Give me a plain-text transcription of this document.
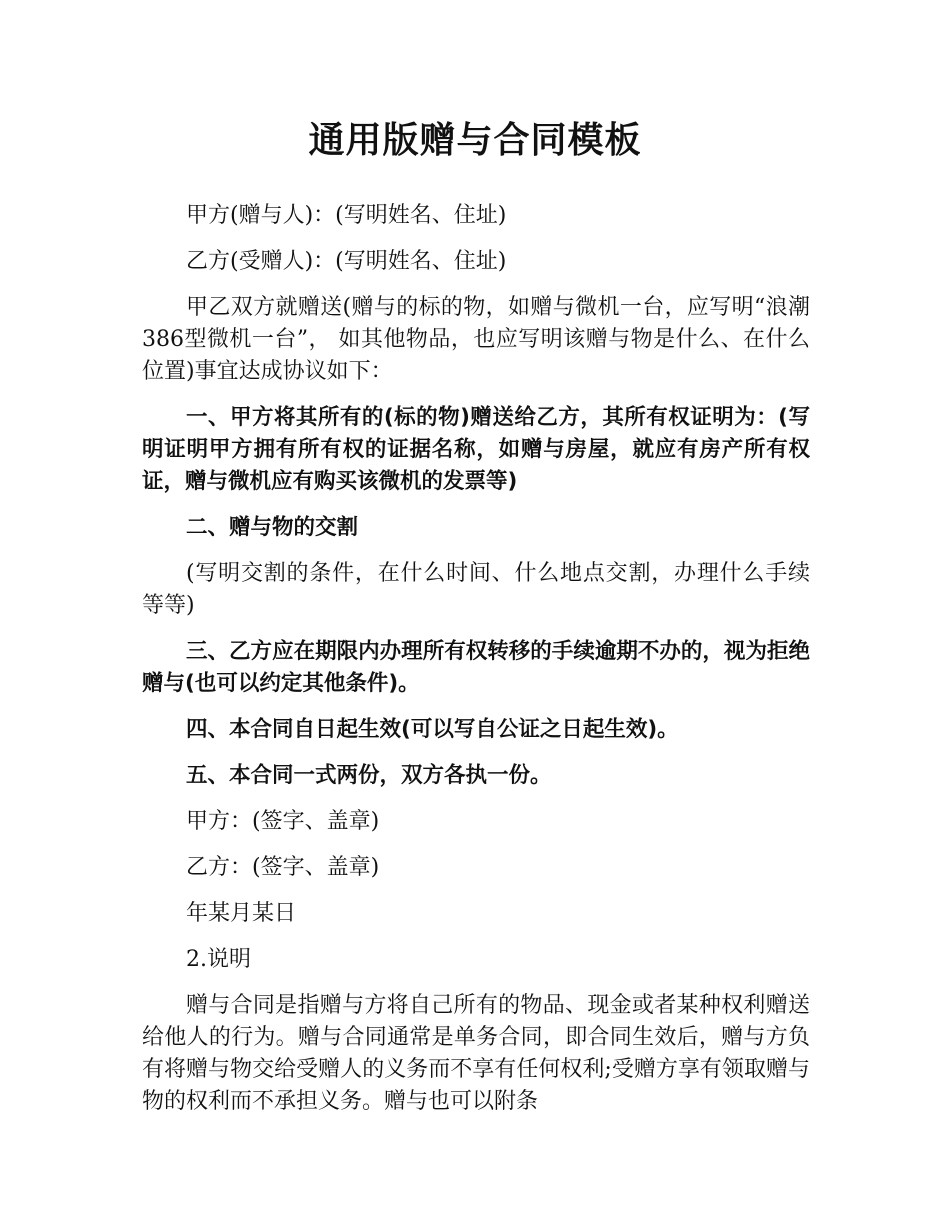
通用版赠与合同模板

甲方(赠与人)：(写明姓名、住址)

乙方(受赠人)：(写明姓名、住址)

甲乙双方就赠送(赠与的标的物，如赠与微机一台，应写明“浪潮386型微机一台”， 如其他物品，也应写明该赠与物是什么、在什么位置)事宜达成协议如下：

一、甲方将其所有的(标的物)赠送给乙方，其所有权证明为：(写明证明甲方拥有所有权的证据名称，如赠与房屋，就应有房产所有权证，赠与微机应有购买该微机的发票等)

二、赠与物的交割

(写明交割的条件，在什么时间、什么地点交割，办理什么手续等等)

三、乙方应在期限内办理所有权转移的手续逾期不办的，视为拒绝赠与(也可以约定其他条件)。

四、本合同自日起生效(可以写自公证之日起生效)。

五、本合同一式两份，双方各执一份。

甲方：(签字、盖章)

乙方：(签字、盖章)

年某月某日

2.说明

赠与合同是指赠与方将自己所有的物品、现金或者某种权利赠送给他人的行为。赠与合同通常是单务合同，即合同生效后，赠与方负有将赠与物交给受赠人的义务而不享有任何权利;受赠方享有领取赠与物的权利而不承担义务。赠与也可以附条
